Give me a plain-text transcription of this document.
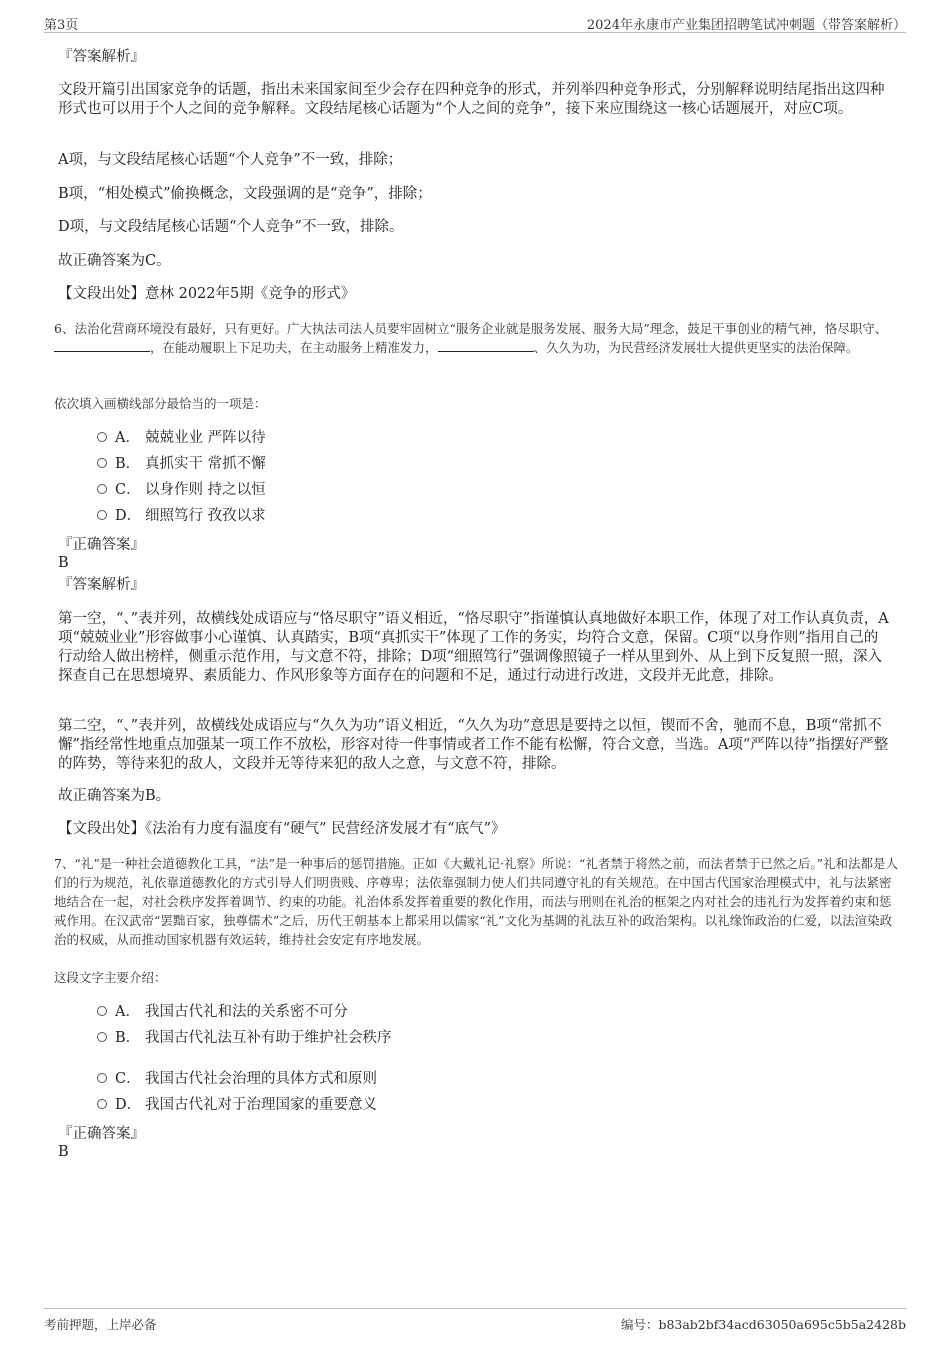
第3页	2024年永康市产业集团招聘笔试冲刺题（带答案解析）

『答案解析』

文段开篇引出国家竞争的话题，指出未来国家间至少会存在四种竞争的形式，并列举四种竞争形式，分别解释说明结尾指出这四种形式也可以用于个人之间的竞争解释。文段结尾核心话题为“个人之间的竞争”，接下来应围绕这一核心话题展开，对应C项。

A项，与文段结尾核心话题“个人竞争”不一致，排除；

B项，“相处模式”偷换概念，文段强调的是“竞争”，排除；

D项，与文段结尾核心话题“个人竞争”不一致，排除。

故正确答案为C。

【文段出处】意林 2022年5期《竞争的形式》

6、法治化营商环境没有最好，只有更好。广大执法司法人员要牢固树立“服务企业就是服务发展、服务大局”理念，鼓足干事创业的精气神，恪尽职守、，在能动履职上下足功夫，在主动服务上精准发力，	、久久为功，为民营经济发展壮大提供更坚实的法治保障。

依次填入画横线部分最恰当的一项是：

A． 兢兢业业 严阵以待
B． 真抓实干 常抓不懈
C． 以身作则 持之以恒
D． 细照笃行 孜孜以求

『正确答案』

B

『答案解析』

第一空，“、”表并列，故横线处成语应与“恪尽职守”语义相近，“恪尽职守”指谨慎认真地做好本职工作，体现了对工作认真负责，A项“兢兢业业”形容做事小心谨慎、认真踏实，B项“真抓实干”体现了工作的务实，均符合文意，保留。C项“以身作则”指用自己的行动给人做出榜样，侧重示范作用，与文意不符，排除；D项“细照笃行”强调像照镜子一样从里到外、从上到下反复照一照，深入探查自己在思想境界、素质能力、作风形象等方面存在的问题和不足，通过行动进行改进，文段并无此意，排除。

第二空，“、”表并列，故横线处成语应与“久久为功”语义相近，“久久为功”意思是要持之以恒，锲而不舍，驰而不息，B项“常抓不懈”指经常性地重点加强某一项工作不放松，形容对待一件事情或者工作不能有松懈，符合文意，当选。A项“严阵以待”指摆好严整的阵势，等待来犯的敌人，文段并无等待来犯的敌人之意，与文意不符，排除。

故正确答案为B。

【文段出处】《法治有力度有温度有“硬气” 民营经济发展才有“底气”》

7、“礼”是一种社会道德教化工具，“法”是一种事后的惩罚措施。正如《大戴礼记·礼察》所说：“礼者禁于将然之前，而法者禁于已然之后。”礼和法都是人们的行为规范，礼依靠道德教化的方式引导人们明贵贱、序尊卑；法依靠强制力使人们共同遵守礼的有关规范。在中国古代国家治理模式中，礼与法紧密地结合在一起，对社会秩序发挥着调节、约束的功能。礼治体系发挥着重要的教化作用，而法与刑则在礼治的框架之内对社会的违礼行为发挥着约束和惩戒作用。在汉武帝“罢黜百家，独尊儒术”之后，历代王朝基本上都采用以儒家“礼”文化为基调的礼法互补的政治架构。以礼缘饰政治的仁爱，以法渲染政治的权威，从而推动国家机器有效运转，维持社会安定有序地发展。

这段文字主要介绍：

A． 我国古代礼和法的关系密不可分
B． 我国古代礼法互补有助于维护社会秩序
C． 我国古代社会治理的具体方式和原则
D． 我国古代礼对于治理国家的重要意义

『正确答案』

B

考前押题，上岸必备	编号：b83ab2bf34acd63050a695c5b5a2428b
